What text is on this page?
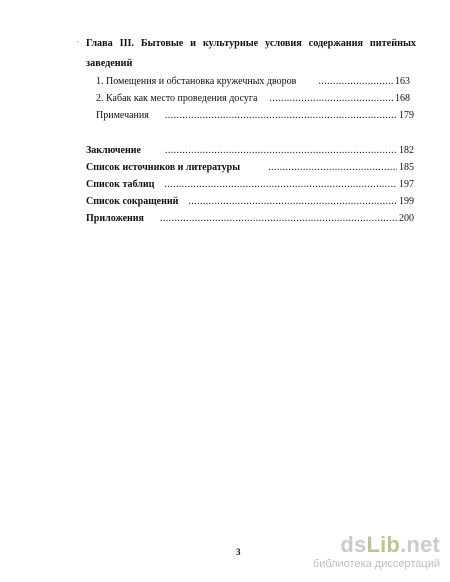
' Глава III. Бытовые и культурные условия содержания питейных
заведений
1. Помещения и обстановка кружечных дворов .....	163
2. Кабак как место проведения досуга .....	168
Примечания .....	179
Заключение .....	182
Список источников и литературы .....	185
Список таблиц .....	197
Список сокращений .....	199
Приложения .....	200
3	dsLib.net
библиотека диссертаций
